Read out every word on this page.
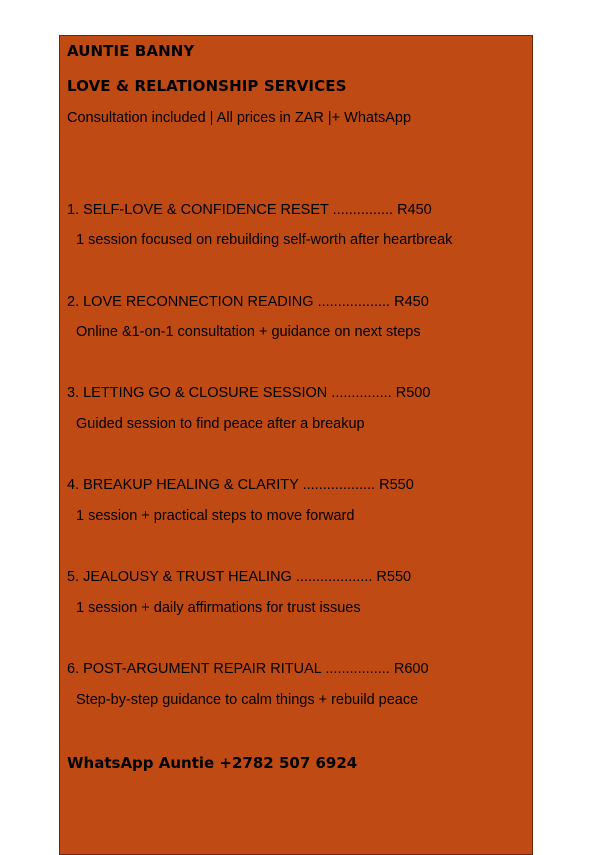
AUNTIE BANNY
LOVE & RELATIONSHIP SERVICES
Consultation included | All prices in ZAR |+ WhatsApp
1. SELF-LOVE & CONFIDENCE RESET ............... R450
1 session focused on rebuilding self-worth after heartbreak
2. LOVE RECONNECTION READING .................. R450
Online &1-on-1 consultation + guidance on next steps
3. LETTING GO & CLOSURE SESSION ............... R500
Guided session to find peace after a breakup
4. BREAKUP HEALING & CLARITY .................. R550
1 session + practical steps to move forward
5. JEALOUSY & TRUST HEALING ................... R550
1 session + daily affirmations for trust issues
6. POST-ARGUMENT REPAIR RITUAL ................ R600
Step-by-step guidance to calm things + rebuild peace
WhatsApp Auntie +2782 507 6924
